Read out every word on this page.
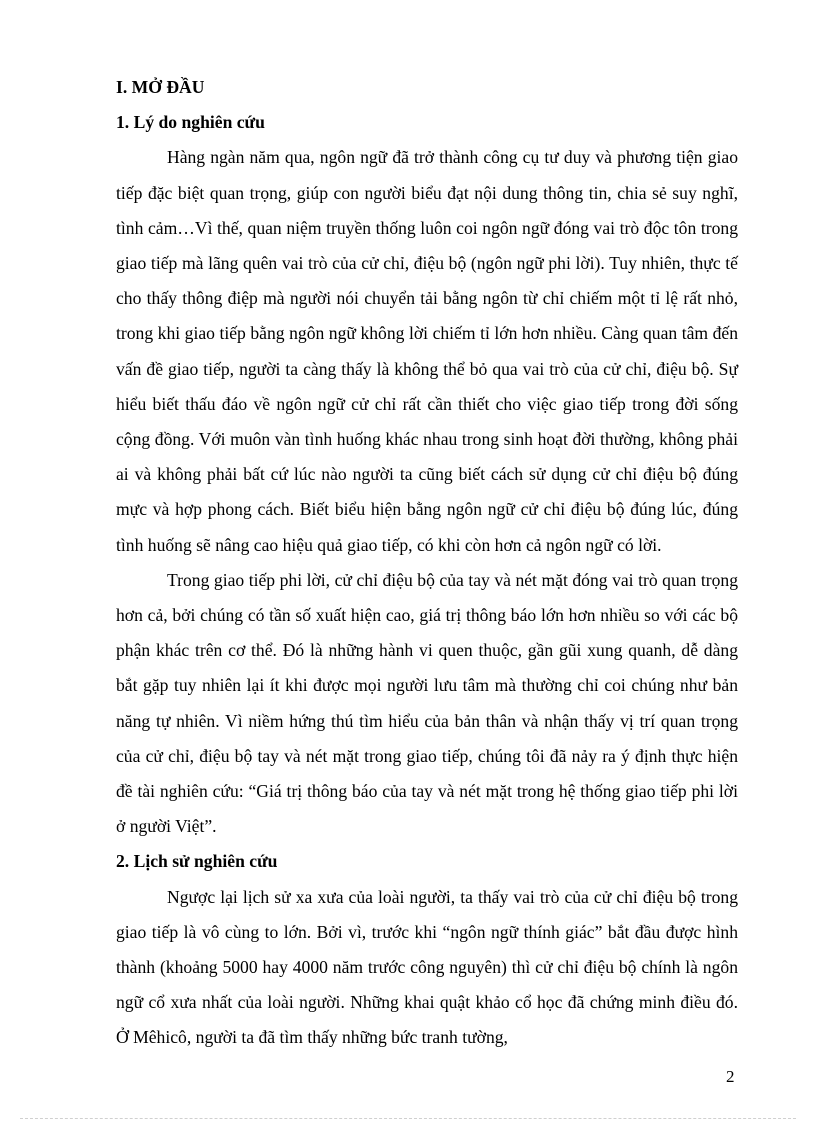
I. MỞ ĐẦU
1. Lý do nghiên cứu

Hàng ngàn năm qua, ngôn ngữ đã trở thành công cụ tư duy và phương tiện giao tiếp đặc biệt quan trọng, giúp con người biểu đạt nội dung thông tin, chia sẻ suy nghĩ, tình cảm…Vì thế, quan niệm truyền thống luôn coi ngôn ngữ đóng vai trò độc tôn trong giao tiếp mà lãng quên vai trò của cử chỉ, điệu bộ (ngôn ngữ phi lời). Tuy nhiên, thực tế cho thấy thông điệp mà người nói chuyển tải bằng ngôn từ chỉ chiếm một tỉ lệ rất nhỏ, trong khi giao tiếp bằng ngôn ngữ không lời chiếm tỉ lớn hơn nhiều. Càng quan tâm đến vấn đề giao tiếp, người ta càng thấy là không thể bỏ qua vai trò của cử chỉ, điệu bộ. Sự hiểu biết thấu đáo về ngôn ngữ cử chỉ rất cần thiết cho việc giao tiếp trong đời sống cộng đồng. Với muôn vàn tình huống khác nhau trong sinh hoạt đời thường, không phải ai và không phải bất cứ lúc nào người ta cũng biết cách sử dụng cử chỉ điệu bộ đúng mực và hợp phong cách. Biết biểu hiện bằng ngôn ngữ cử chỉ điệu bộ đúng lúc, đúng tình huống sẽ nâng cao hiệu quả giao tiếp, có khi còn hơn cả ngôn ngữ có lời.

Trong giao tiếp phi lời, cử chỉ điệu bộ của tay và nét mặt đóng vai trò quan trọng hơn cả, bởi chúng có tần số xuất hiện cao, giá trị thông báo lớn hơn nhiều so với các bộ phận khác trên cơ thể. Đó là những hành vi quen thuộc, gần gũi xung quanh, dễ dàng bắt gặp tuy nhiên lại ít khi được mọi người lưu tâm mà thường chỉ coi chúng như bản năng tự nhiên. Vì niềm hứng thú tìm hiểu của bản thân và nhận thấy vị trí quan trọng của cử chỉ, điệu bộ tay và nét mặt trong giao tiếp, chúng tôi đã nảy ra ý định thực hiện đề tài nghiên cứu: “Giá trị thông báo của tay và nét mặt trong hệ thống giao tiếp phi lời ở người Việt”.

2. Lịch sử nghiên cứu

Ngược lại lịch sử xa xưa của loài người, ta thấy vai trò của cử chỉ điệu bộ trong giao tiếp là vô cùng to lớn. Bởi vì, trước khi “ngôn ngữ thính giác” bắt đầu được hình thành (khoảng 5000 hay 4000 năm trước công nguyên) thì cử chỉ điệu bộ chính là ngôn ngữ cổ xưa nhất của loài người. Những khai quật khảo cổ học đã chứng minh điều đó. Ở Mêhicô, người ta đã tìm thấy những bức tranh tường,

2
